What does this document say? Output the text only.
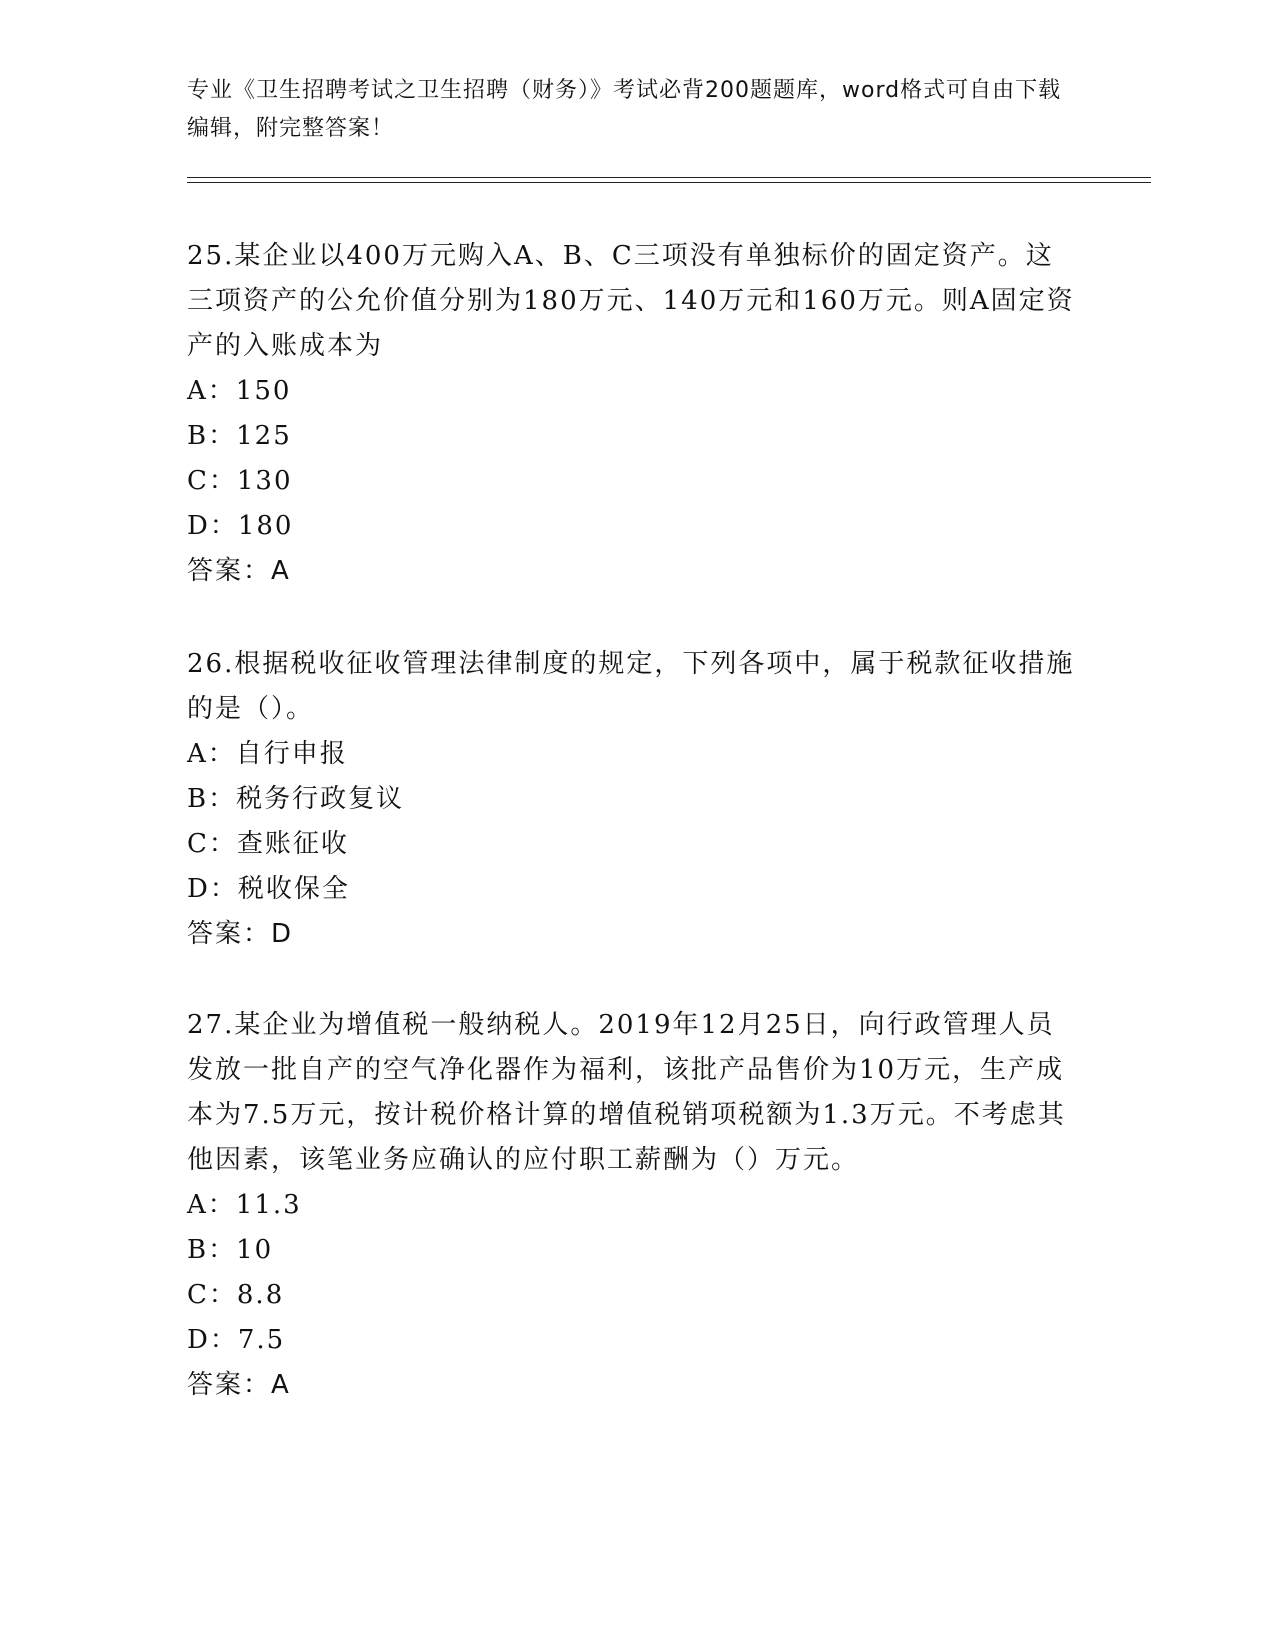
专业《卫生招聘考试之卫生招聘（财务）》考试必背200题题库，word格式可自由下载编辑，附完整答案！

25.某企业以400万元购入A、B、C三项没有单独标价的固定资产。这三项资产的公允价值分别为180万元、140万元和160万元。则A固定资产的入账成本为

A：150

B：125

C：130

D：180

答案：A

26.根据税收征收管理法律制度的规定，下列各项中，属于税款征收措施的是（）。

A：自行申报

B：税务行政复议

C：查账征收

D：税收保全

答案：D

27.某企业为增值税一般纳税人。2019年12月25日，向行政管理人员发放一批自产的空气净化器作为福利，该批产品售价为10万元，生产成本为7.5万元，按计税价格计算的增值税销项税额为1.3万元。不考虑其他因素，该笔业务应确认的应付职工薪酬为（）万元。

A：11.3

B：10

C：8.8

D：7.5

答案：A
